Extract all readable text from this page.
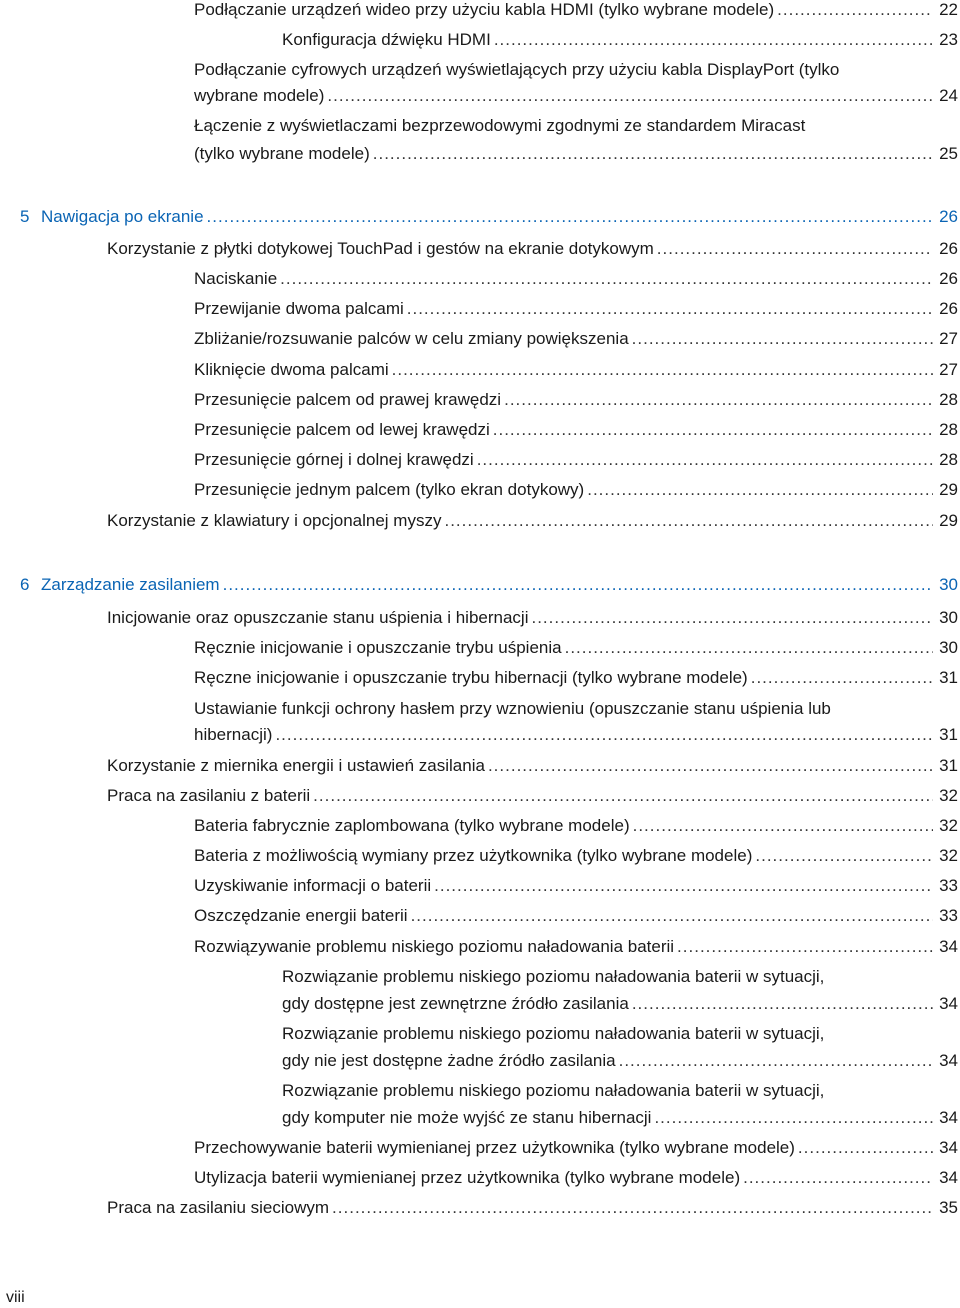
Podłączanie urządzeń wideo przy użyciu kabla HDMI (tylko wybrane modele) .....	22
Konfiguracja dźwięku HDMI .....	23
Podłączanie cyfrowych urządzeń wyświetlających przy użyciu kabla DisplayPort (tylko
wybrane modele) .....	24
Łączenie z wyświetlaczami bezprzewodowymi zgodnymi ze standardem Miracast
(tylko wybrane modele) .....	25
5 Nawigacja po ekranie .....	26
Korzystanie z płytki dotykowej TouchPad i gestów na ekranie dotykowym .....	26
Naciskanie .....	26
Przewijanie dwoma palcami .....	26
Zbliżanie/rozsuwanie palców w celu zmiany powiększenia .....	27
Kliknięcie dwoma palcami .....	27
Przesunięcie palcem od prawej krawędzi .....	28
Przesunięcie palcem od lewej krawędzi .....	28
Przesunięcie górnej i dolnej krawędzi .....	28
Przesunięcie jednym palcem (tylko ekran dotykowy) .....	29
Korzystanie z klawiatury i opcjonalnej myszy .....	29
6 Zarządzanie zasilaniem .....	30
Inicjowanie oraz opuszczanie stanu uśpienia i hibernacji .....	30
Ręcznie inicjowanie i opuszczanie trybu uśpienia .....	30
Ręczne inicjowanie i opuszczanie trybu hibernacji (tylko wybrane modele) .....	31
Ustawianie funkcji ochrony hasłem przy wznowieniu (opuszczanie stanu uśpienia lub
hibernacji) .....	31
Korzystanie z miernika energii i ustawień zasilania .....	31
Praca na zasilaniu z baterii .....	32
Bateria fabrycznie zaplombowana (tylko wybrane modele) .....	32
Bateria z możliwością wymiany przez użytkownika (tylko wybrane modele) .....	32
Uzyskiwanie informacji o baterii .....	33
Oszczędzanie energii baterii .....	33
Rozwiązywanie problemu niskiego poziomu naładowania baterii .....	34
Rozwiązanie problemu niskiego poziomu naładowania baterii w sytuacji,
gdy dostępne jest zewnętrzne źródło zasilania .....	34
Rozwiązanie problemu niskiego poziomu naładowania baterii w sytuacji,
gdy nie jest dostępne żadne źródło zasilania .....	34
Rozwiązanie problemu niskiego poziomu naładowania baterii w sytuacji,
gdy komputer nie może wyjść ze stanu hibernacji .....	34
Przechowywanie baterii wymienianej przez użytkownika (tylko wybrane modele) .....	34
Utylizacja baterii wymienianej przez użytkownika (tylko wybrane modele) .....	34
Praca na zasilaniu sieciowym .....	35
viii
